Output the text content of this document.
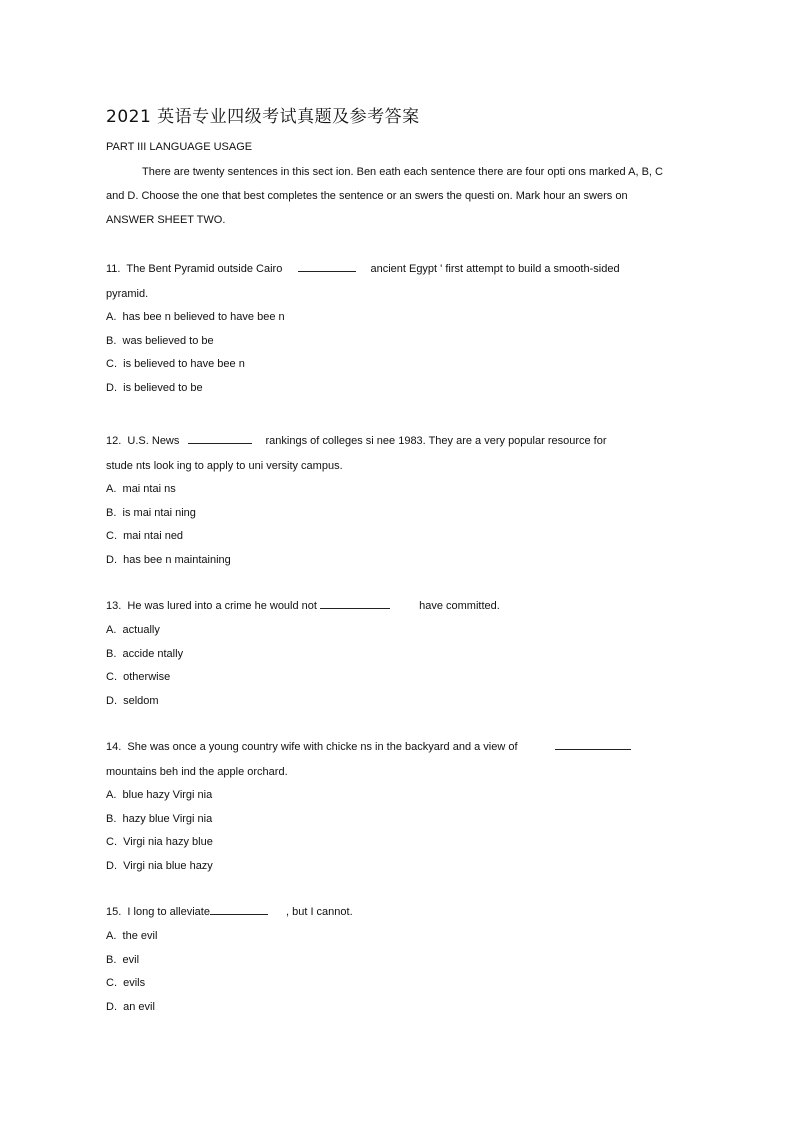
2021 英语专业四级考试真题及参考答案
PART III LANGUAGE USAGE

There are twenty sentences in this sect ion. Ben eath each sentence there are four opti ons marked A, B, C and D. Choose the one that best completes the sentence or an swers the questi on. Mark hour an swers on ANSWER SHEET TWO.

11. The Bent Pyramid outside Cairo	ancient Egypt ' first attempt to build a smooth-sided
pyramid.
A. has bee n believed to have bee n
B. was believed to be
C. is believed to have bee n
D. is believed to be
12. U.S. News	rankings of colleges si nee 1983. They are a very popular resource for
stude nts look ing to apply to uni versity campus.
A. mai ntai ns
B. is mai ntai ning
C. mai ntai ned
D. has bee n maintaining
13. He was lured into a crime he would not	have committed.
A. actually
B. accide ntally
C. otherwise
D. seldom
14. She was once a young country wife with chicke ns in the backyard and a view of
mountains beh ind the apple orchard.
A. blue hazy Virgi nia
B. hazy blue Virgi nia
C. Virgi nia hazy blue
D. Virgi nia blue hazy
15. I long to alleviate	, but I cannot.
A. the evil
B. evil
C. evils
D. an evil
